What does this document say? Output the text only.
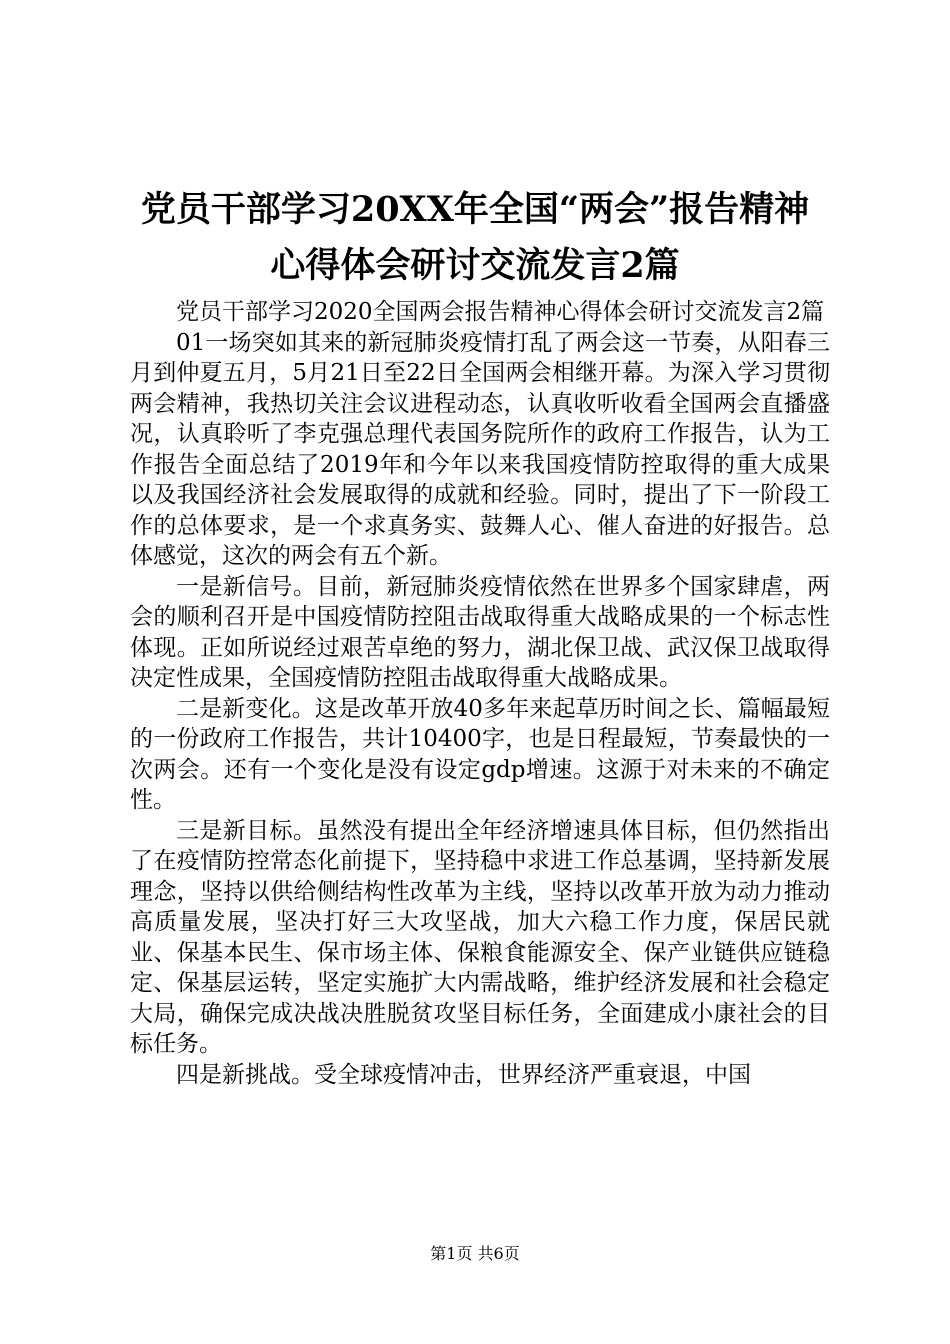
党员干部学习20XX年全国“两会”报告精神
心得体会研讨交流发言2篇

党员干部学习2020全国两会报告精神心得体会研讨交流发言2篇

01一场突如其来的新冠肺炎疫情打乱了两会这一节奏，从阳春三月到仲夏五月，5月21日至22日全国两会相继开幕。为深入学习贯彻两会精神，我热切关注会议进程动态，认真收听收看全国两会直播盛况，认真聆听了李克强总理代表国务院所作的政府工作报告，认为工作报告全面总结了2019年和今年以来我国疫情防控取得的重大成果以及我国经济社会发展取得的成就和经验。同时，提出了下一阶段工作的总体要求，是一个求真务实、鼓舞人心、催人奋进的好报告。总体感觉，这次的两会有五个新。

一是新信号。目前，新冠肺炎疫情依然在世界多个国家肆虐，两会的顺利召开是中国疫情防控阻击战取得重大战略成果的一个标志性体现。正如所说经过艰苦卓绝的努力，湖北保卫战、武汉保卫战取得决定性成果，全国疫情防控阻击战取得重大战略成果。

二是新变化。这是改革开放40多年来起草历时间之长、篇幅最短的一份政府工作报告，共计10400字，也是日程最短，节奏最快的一次两会。还有一个变化是没有设定gdp增速。这源于对未来的不确定性。

三是新目标。虽然没有提出全年经济增速具体目标，但仍然指出了在疫情防控常态化前提下，坚持稳中求进工作总基调，坚持新发展理念，坚持以供给侧结构性改革为主线，坚持以改革开放为动力推动高质量发展，坚决打好三大攻坚战，加大六稳工作力度，保居民就业、保基本民生、保市场主体、保粮食能源安全、保产业链供应链稳定、保基层运转，坚定实施扩大内需战略，维护经济发展和社会稳定大局，确保完成决战决胜脱贫攻坚目标任务，全面建成小康社会的目标任务。

四是新挑战。受全球疫情冲击，世界经济严重衰退，中国

第1页 共6页
